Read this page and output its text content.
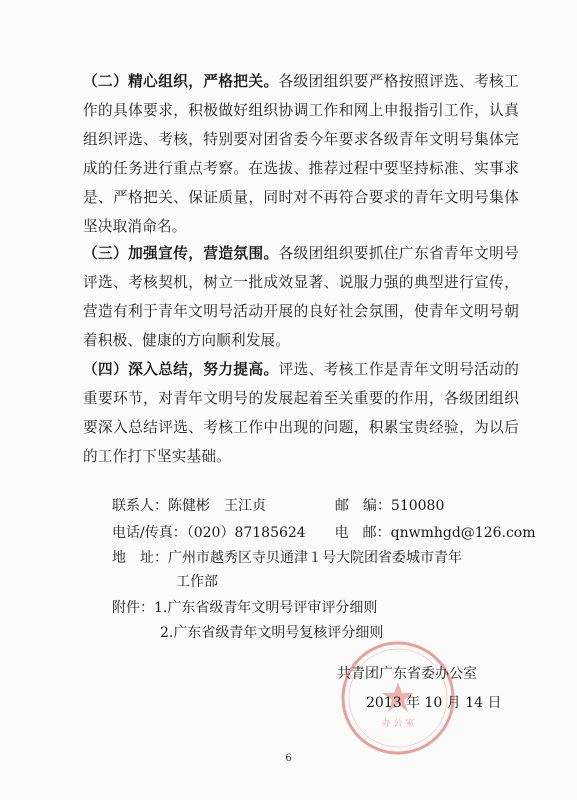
（二）精心组织，严格把关。各级团组织要严格按照评选、考核工作的具体要求，积极做好组织协调工作和网上申报指引工作，认真组织评选、考核，特别要对团省委今年要求各级青年文明号集体完成的任务进行重点考察。在选拔、推荐过程中要坚持标准、实事求是、严格把关、保证质量，同时对不再符合要求的青年文明号集体坚决取消命名。

（三）加强宣传，营造氛围。各级团组织要抓住广东省青年文明号评选、考核契机，树立一批成效显著、说服力强的典型进行宣传，营造有利于青年文明号活动开展的良好社会氛围，使青年文明号朝着积极、健康的方向顺利发展。

（四）深入总结，努力提高。评选、考核工作是青年文明号活动的重要环节，对青年文明号的发展起着至关重要的作用，各级团组织要深入总结评选、考核工作中出现的问题，积累宝贵经验，为以后的工作打下坚实基础。

联系人：陈健彬　王江贞	邮　编：510080
电话/传真：（020）87185624 电　邮：qnwmhgd@126.com
地　址：广州市越秀区寺贝通津１号大院团省委城市青年
工作部
附件：1.广东省级青年文明号评审评分细则
2.广东省级青年文明号复核评分细则
办 公 室
共青团广东省委办公室
2013 年 10 月 14 日
6
